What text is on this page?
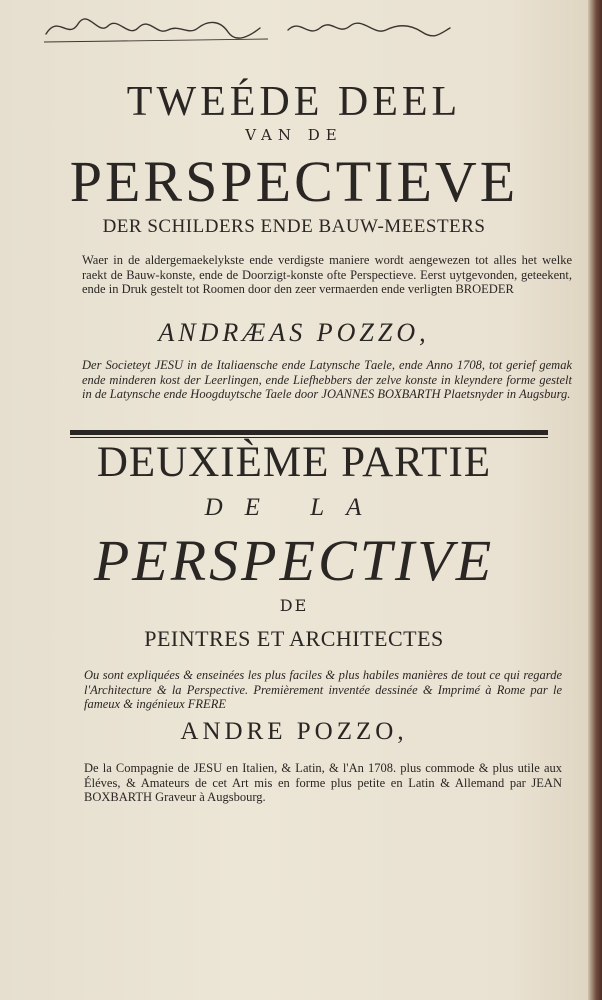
TWEÉDE DEEL
VAN DE
PERSPECTIEVE
DER SCHILDERS ENDE BAUW-MEESTERS
Waer in de aldergemaekelykste ende verdigste maniere wordt aengewezen tot alles het welke raekt de Bauw-konste, ende de Doorzigt-konste ofte Perspectieve. Eerst uytgevonden, geteekent, ende in Druk gestelt tot Roomen door den zeer vermaerden ende verligten BROEDER
ANDRÆAS POZZO,
Der Societeyt JESU in de Italiaensche ende Latynsche Tаele, ende Anno 1708, tot gerief gemak ende minderen kost der Leerlingen, ende Liefhebbers der zelve konste in kleyndere forme gestelt in de Latynsche ende Hoogduytsche Taele door JOANNES BOXBARTH Plaetsnyder in Augsburg.
DEUXIÈME PARTIE
DE LA
PERSPECTIVE
DE
PEINTRES ET ARCHITECTES
Ou sont expliquées & enseinées les plus faciles & plus habiles manières de tout ce qui regarde l'Architecture & la Perspective. Premièrement inventée dessinée & Imprimé à Rome par le fameux & ingénieux FRERE
ANDRE POZZO,
De la Compagnie de JESU en Italien, & Latin, & l'An 1708. plus commode & plus utile aux Éléves, & Amateurs de cet Art mis en forme plus petite en Latin & Allemand par JEAN BOXBARTH Graveur à Augsbourg.
